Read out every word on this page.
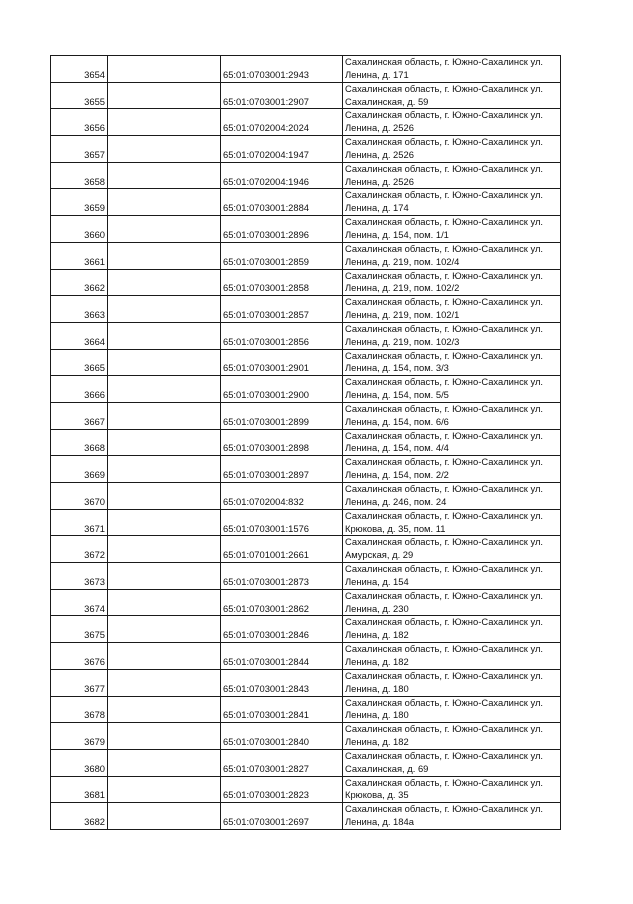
3654		65:01:0703001:2943	Сахалинская область, г. Южно-Сахалинск ул.
Ленина, д. 171

3655		65:01:0703001:2907	Сахалинская область, г. Южно-Сахалинск ул.
Сахалинская, д. 59

3656		65:01:0702004:2024	Сахалинская область, г. Южно-Сахалинск ул.
Ленина, д. 2526

3657		65:01:0702004:1947	Сахалинская область, г. Южно-Сахалинск ул.
Ленина, д. 2526

3658		65:01:0702004:1946	Сахалинская область, г. Южно-Сахалинск ул.
Ленина, д. 2526

3659		65:01:0703001:2884	Сахалинская область, г. Южно-Сахалинск ул.
Ленина, д. 174

3660		65:01:0703001:2896	Сахалинская область, г. Южно-Сахалинск ул.
Ленина, д. 154, пом. 1/1

3661		65:01:0703001:2859	Сахалинская область, г. Южно-Сахалинск ул.
Ленина, д. 219, пом. 102/4

3662		65:01:0703001:2858	Сахалинская область, г. Южно-Сахалинск ул.
Ленина, д. 219, пом. 102/2

3663		65:01:0703001:2857	Сахалинская область, г. Южно-Сахалинск ул.
Ленина, д. 219, пом. 102/1

3664		65:01:0703001:2856	Сахалинская область, г. Южно-Сахалинск ул.
Ленина, д. 219, пом. 102/3

3665		65:01:0703001:2901	Сахалинская область, г. Южно-Сахалинск ул.
Ленина, д. 154, пом. 3/3

3666		65:01:0703001:2900	Сахалинская область, г. Южно-Сахалинск ул.
Ленина, д. 154, пом. 5/5

3667		65:01:0703001:2899	Сахалинская область, г. Южно-Сахалинск ул.
Ленина, д. 154, пом. 6/6

3668		65:01:0703001:2898	Сахалинская область, г. Южно-Сахалинск ул.
Ленина, д. 154, пом. 4/4

3669		65:01:0703001:2897	Сахалинская область, г. Южно-Сахалинск ул.
Ленина, д. 154, пом. 2/2

3670		65:01:0702004:832	Сахалинская область, г. Южно-Сахалинск ул.
Ленина, д. 246, пом. 24

3671		65:01:0703001:1576	Сахалинская область, г. Южно-Сахалинск ул.
Крюкова, д. 35, пом. 11

3672		65:01:0701001:2661	Сахалинская область, г. Южно-Сахалинск ул.
Амурская, д. 29

3673		65:01:0703001:2873	Сахалинская область, г. Южно-Сахалинск ул.
Ленина, д. 154

3674		65:01:0703001:2862	Сахалинская область, г. Южно-Сахалинск ул.
Ленина, д. 230

3675		65:01:0703001:2846	Сахалинская область, г. Южно-Сахалинск ул.
Ленина, д. 182

3676		65:01:0703001:2844	Сахалинская область, г. Южно-Сахалинск ул.
Ленина, д. 182

3677		65:01:0703001:2843	Сахалинская область, г. Южно-Сахалинск ул.
Ленина, д. 180

3678		65:01:0703001:2841	Сахалинская область, г. Южно-Сахалинск ул.
Ленина, д. 180

3679		65:01:0703001:2840	Сахалинская область, г. Южно-Сахалинск ул.
Ленина, д. 182

3680		65:01:0703001:2827	Сахалинская область, г. Южно-Сахалинск ул.
Сахалинская, д. 69

3681		65:01:0703001:2823	Сахалинская область, г. Южно-Сахалинск ул.
Крюкова, д. 35

3682		65:01:0703001:2697	Сахалинская область, г. Южно-Сахалинск ул.
Ленина, д. 184а
